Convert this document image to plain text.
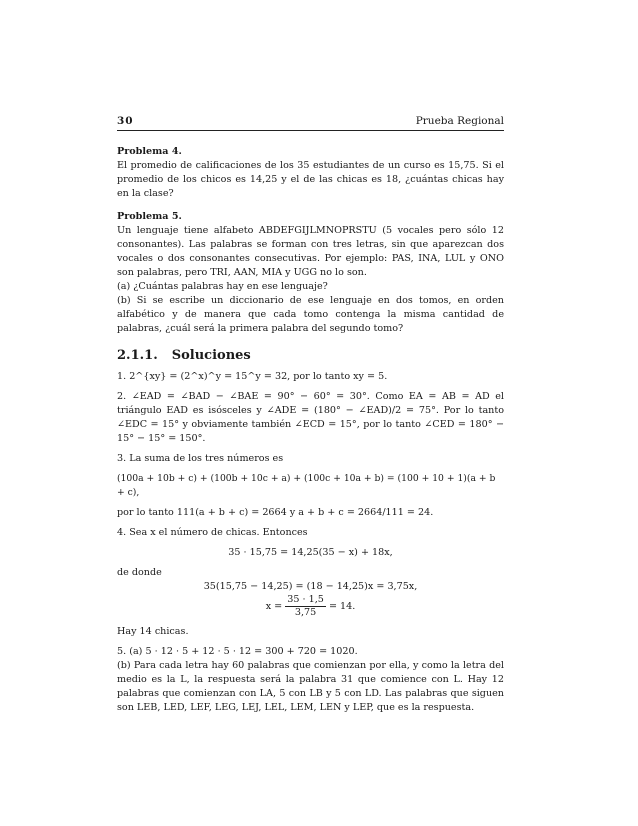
30	Prueba Regional

Problema 4.

El promedio de calificaciones de los 35 estudiantes de un curso es 15,75. Si el promedio de los chicos es 14,25 y el de las chicas es 18, ¿cuántas chicas hay en la clase?

Problema 5.

Un lenguaje tiene alfabeto ABDEFGIJLMNOPRSTU (5 vocales pero sólo 12 consonantes). Las palabras se forman con tres letras, sin que aparezcan dos vocales o dos consonantes consecutivas. Por ejemplo: PAS, INA, LUL y ONO son palabras, pero TRI, AAN, MIA y UGG no lo son.

(a) ¿Cuántas palabras hay en ese lenguaje?

(b) Si se escribe un diccionario de ese lenguaje en dos tomos, en orden alfabético y de manera que cada tomo contenga la misma cantidad de palabras, ¿cuál será la primera palabra del segundo tomo?

2.1.1. Soluciones

1. 2^{xy} = (2^x)^y = 15^y = 32, por lo tanto xy = 5.

2. ∠EAD = ∠BAD − ∠BAE = 90° − 60° = 30°. Como EA = AB = AD el triángulo EAD es isósceles y ∠ADE = (180° − ∠EAD)/2 = 75°. Por lo tanto ∠EDC = 15° y obviamente también ∠ECD = 15°, por lo tanto ∠CED = 180° − 15° − 15° = 150°.

3. La suma de los tres números es

(100a + 10b + c) + (100b + 10c + a) + (100c + 10a + b) = (100 + 10 + 1)(a + b + c),

por lo tanto 111(a + b + c) = 2664 y a + b + c = 2664/111 = 24.

4. Sea x el número de chicas. Entonces

35 · 15,75 = 14,25(35 − x) + 18x,

de donde

35(15,75 − 14,25) = (18 − 14,25)x = 3,75x,

$x = \frac{35 \cdot 1,5}{3,75} = 14$.

Hay 14 chicas.

5. (a) 5 · 12 · 5 + 12 · 5 · 12 = 300 + 720 = 1020.

(b) Para cada letra hay 60 palabras que comienzan por ella, y como la letra del medio es la L, la respuesta será la palabra 31 que comience con L. Hay 12 palabras que comienzan con LA, 5 con LB y 5 con LD. Las palabras que siguen son LEB, LED, LEF, LEG, LEJ, LEL, LEM, LEN y LEP, que es la respuesta.
